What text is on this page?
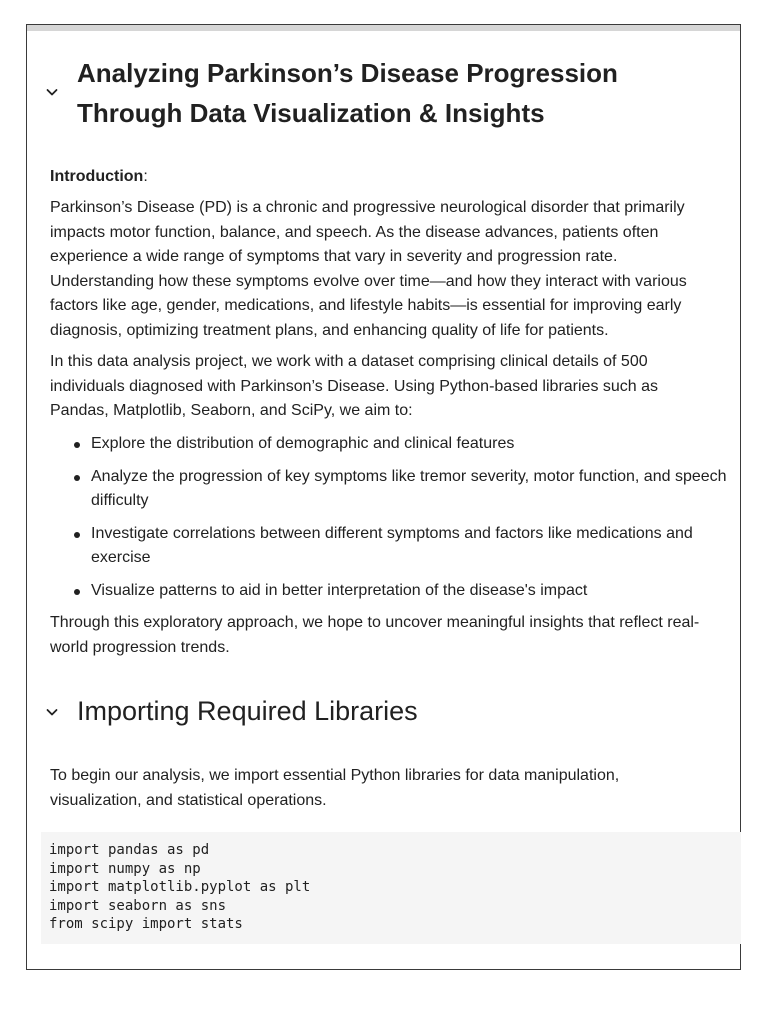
Analyzing Parkinson’s Disease Progression Through Data Visualization & Insights

Introduction:

Parkinson’s Disease (PD) is a chronic and progressive neurological disorder that primarily impacts motor function, balance, and speech. As the disease advances, patients often experience a wide range of symptoms that vary in severity and progression rate. Understanding how these symptoms evolve over time—and how they interact with various factors like age, gender, medications, and lifestyle habits—is essential for improving early diagnosis, optimizing treatment plans, and enhancing quality of life for patients.

In this data analysis project, we work with a dataset comprising clinical details of 500 individuals diagnosed with Parkinson’s Disease. Using Python-based libraries such as Pandas, Matplotlib, Seaborn, and SciPy, we aim to:

Explore the distribution of demographic and clinical features
Analyze the progression of key symptoms like tremor severity, motor function, and speech difficulty
Investigate correlations between different symptoms and factors like medications and exercise
Visualize patterns to aid in better interpretation of the disease's impact

Through this exploratory approach, we hope to uncover meaningful insights that reflect real-world progression trends.

Importing Required Libraries

To begin our analysis, we import essential Python libraries for data manipulation, visualization, and statistical operations.

import pandas as pd
import numpy as np
import matplotlib.pyplot as plt
import seaborn as sns
from scipy import stats
